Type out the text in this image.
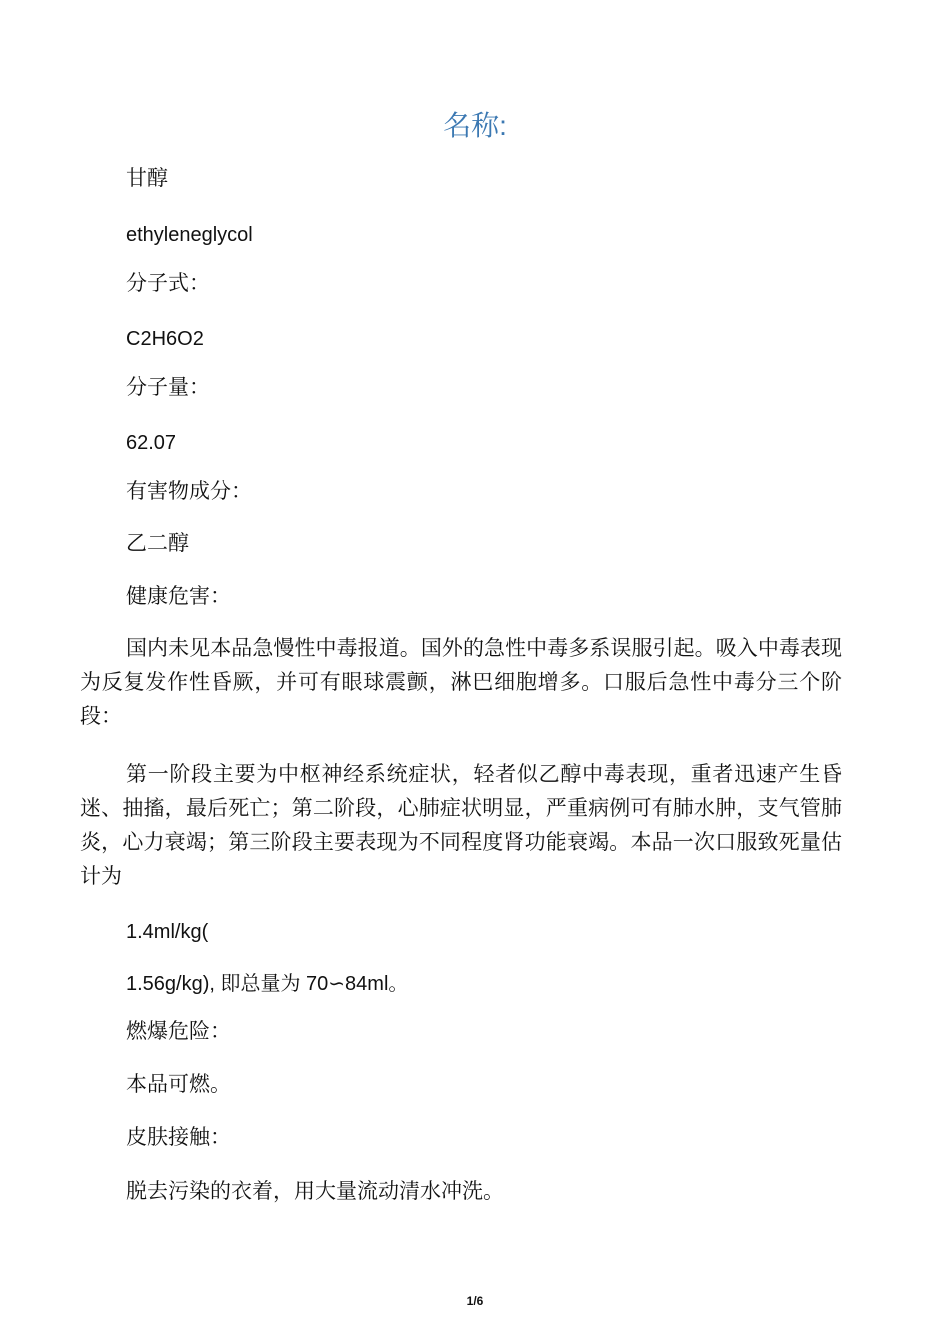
名称:
甘醇
ethyleneglycol
分子式：
C2H6O2
分子量：
62.07
有害物成分：
乙二醇
健康危害：
国内未见本品急慢性中毒报道。国外的急性中毒多系误服引起。吸入中毒表现为反复发作性昏厥，并可有眼球震颤，淋巴细胞增多。口服后急性中毒分三个阶段：
第一阶段主要为中枢神经系统症状，轻者似乙醇中毒表现，重者迅速产生昏迷、抽搐，最后死亡；第二阶段，心肺症状明显，严重病例可有肺水肿，支气管肺炎，心力衰竭；第三阶段主要表现为不同程度肾功能衰竭。本品一次口服致死量估计为
1.4ml/kg(
1.56g/kg), 即总量为 70∽84ml。
燃爆危险：
本品可燃。
皮肤接触：
脱去污染的衣着，用大量流动清水冲洗。
1/6
